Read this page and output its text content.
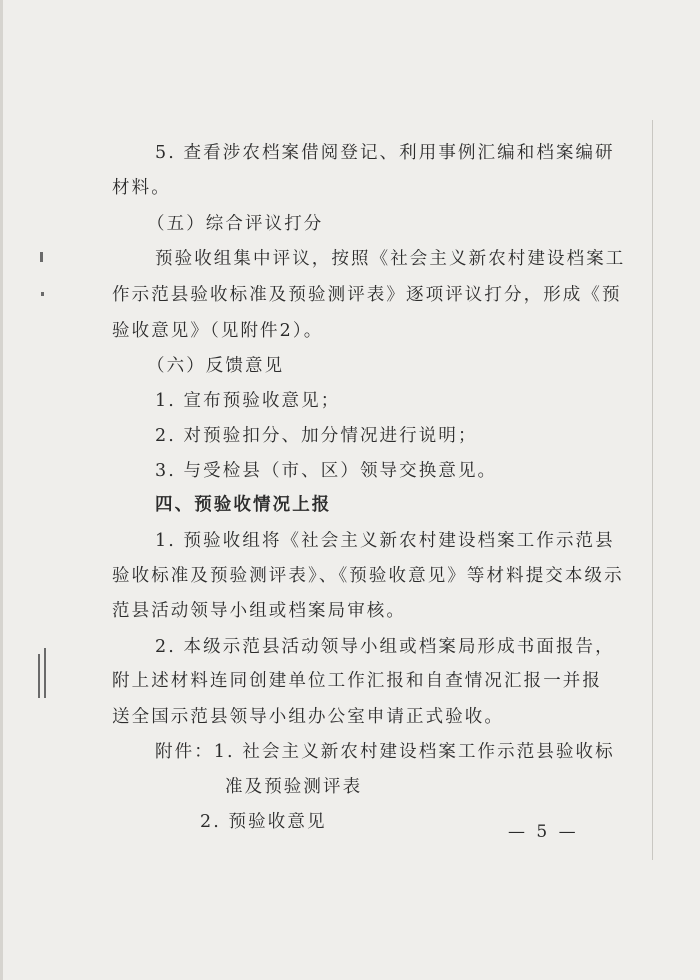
5. 查看涉农档案借阅登记、利用事例汇编和档案编研
材料。
（五）综合评议打分
预验收组集中评议，按照《社会主义新农村建设档案工
作示范县验收标准及预验测评表》逐项评议打分，形成《预
验收意见》（见附件2）。
（六）反馈意见
1. 宣布预验收意见；
2. 对预验扣分、加分情况进行说明；
3. 与受检县（市、区）领导交换意见。
四、预验收情况上报
1. 预验收组将《社会主义新农村建设档案工作示范县
验收标准及预验测评表》、《预验收意见》等材料提交本级示
范县活动领导小组或档案局审核。
2. 本级示范县活动领导小组或档案局形成书面报告，
附上述材料连同创建单位工作汇报和自查情况汇报一并报
送全国示范县领导小组办公室申请正式验收。
附件：1. 社会主义新农村建设档案工作示范县验收标
准及预验测评表
2. 预验收意见	— 5 —
